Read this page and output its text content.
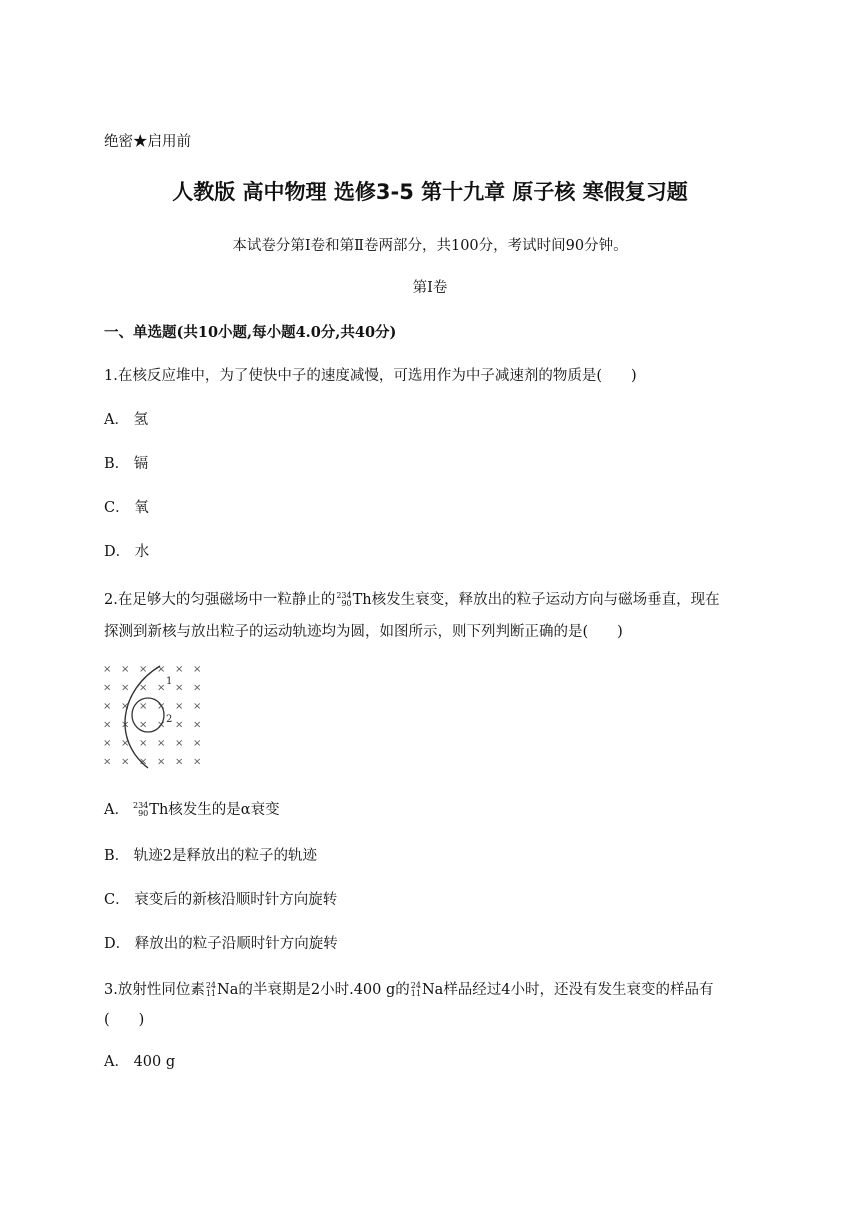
绝密★启用前
人教版 高中物理 选修3-5 第十九章 原子核 寒假复习题
本试卷分第Ⅰ卷和第Ⅱ卷两部分，共100分，考试时间90分钟。
第Ⅰ卷
一、单选题(共10小题,每小题4.0分,共40分)
1.在核反应堆中，为了使快中子的速度减慢，可选用作为中子减速剂的物质是(　　)
A． 氢
B． 镉
C． 氧
D． 水
2.在足够大的匀强磁场中一粒静止的 234
90 Th核发生衰变，释放出的粒子运动方向与磁场垂直，现在
探测到新核与放出粒子的运动轨迹均为圆，如图所示，则下列判断正确的是(　　)
× × × × × ×
× × × × × ×
× × × × × ×
× × × × × ×
× × × × × ×
× × × × × ×
1
2
A． 234
90 Th核发生的是α衰变
B． 轨迹2是释放出的粒子的轨迹
C． 衰变后的新核沿顺时针方向旋转
D． 释放出的粒子沿顺时针方向旋转
3.放射性同位素 24
11 Na的半衰期是2小时.400 g的 24
11 Na样品经过4小时，还没有发生衰变的样品有
(　　)
A． 400 g
